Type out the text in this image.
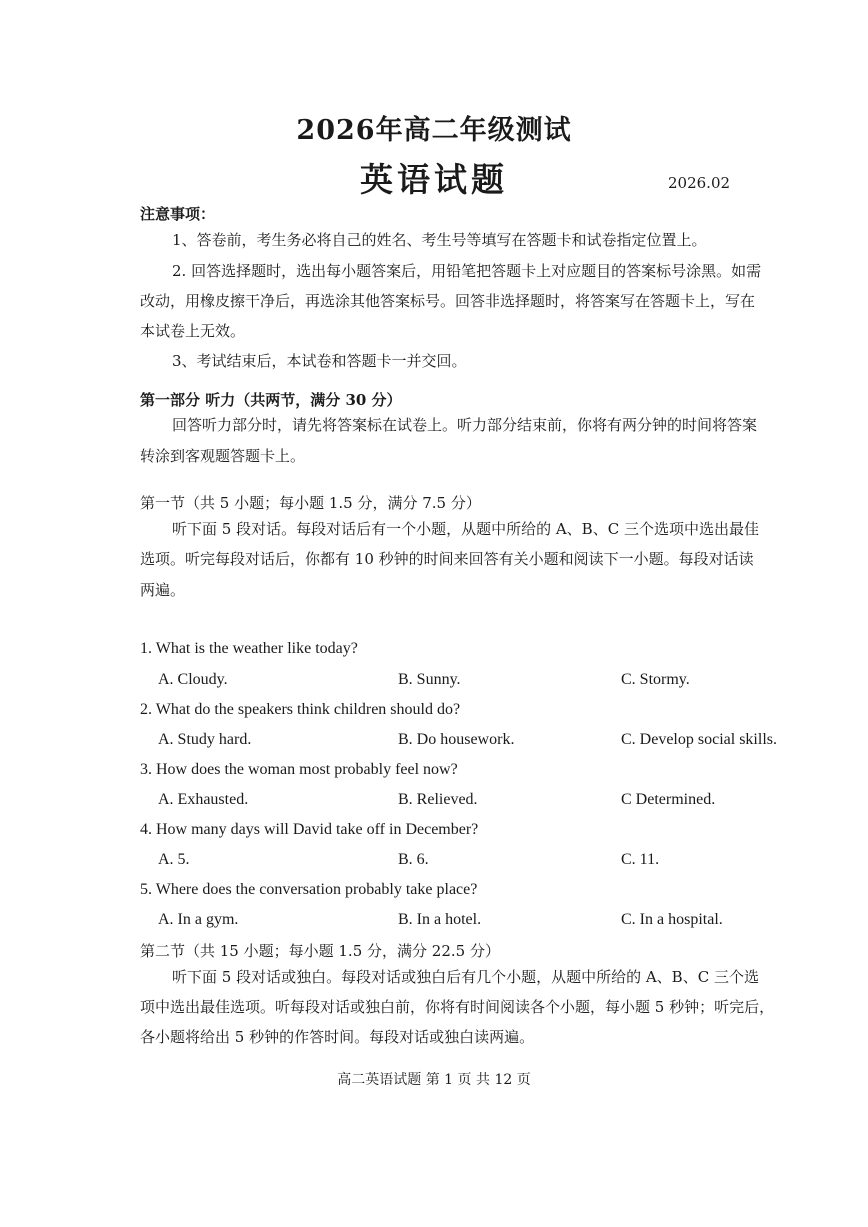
2026年高二年级测试
英语试题	2026.02
注意事项：
1、答卷前，考生务必将自己的姓名、考生号等填写在答题卡和试卷指定位置上。
2. 回答选择题时，选出每小题答案后，用铅笔把答题卡上对应题目的答案标号涂黑。如需
改动，用橡皮擦干净后，再选涂其他答案标号。回答非选择题时，将答案写在答题卡上，写在
本试卷上无效。
3、考试结束后，本试卷和答题卡一并交回。
第一部分 听力（共两节，满分 30 分）
回答听力部分时，请先将答案标在试卷上。听力部分结束前，你将有两分钟的时间将答案
转涂到客观题答题卡上。
第一节（共 5 小题；每小题 1.5 分，满分 7.5 分）
听下面 5 段对话。每段对话后有一个小题，从题中所给的 A、B、C 三个选项中选出最佳
选项。听完每段对话后，你都有 10 秒钟的时间来回答有关小题和阅读下一小题。每段对话读
两遍。
1. What is the weather like today?
A. Cloudy.	B. Sunny.	C. Stormy.
2. What do the speakers think children should do?
A. Study hard.	B. Do housework.	C. Develop social skills.
3. How does the woman most probably feel now?
A. Exhausted.	B. Relieved.	C Determined.
4. How many days will David take off in December?
A. 5.	B. 6.	C. 11.
5. Where does the conversation probably take place?
A. In a gym.	B. In a hotel.	C. In a hospital.
第二节（共 15 小题；每小题 1.5 分，满分 22.5 分）
听下面 5 段对话或独白。每段对话或独白后有几个小题，从题中所给的 A、B、C 三个选
项中选出最佳选项。听每段对话或独白前，你将有时间阅读各个小题，每小题 5 秒钟；听完后，
各小题将给出 5 秒钟的作答时间。每段对话或独白读两遍。
高二英语试题 第 1 页 共 12 页
